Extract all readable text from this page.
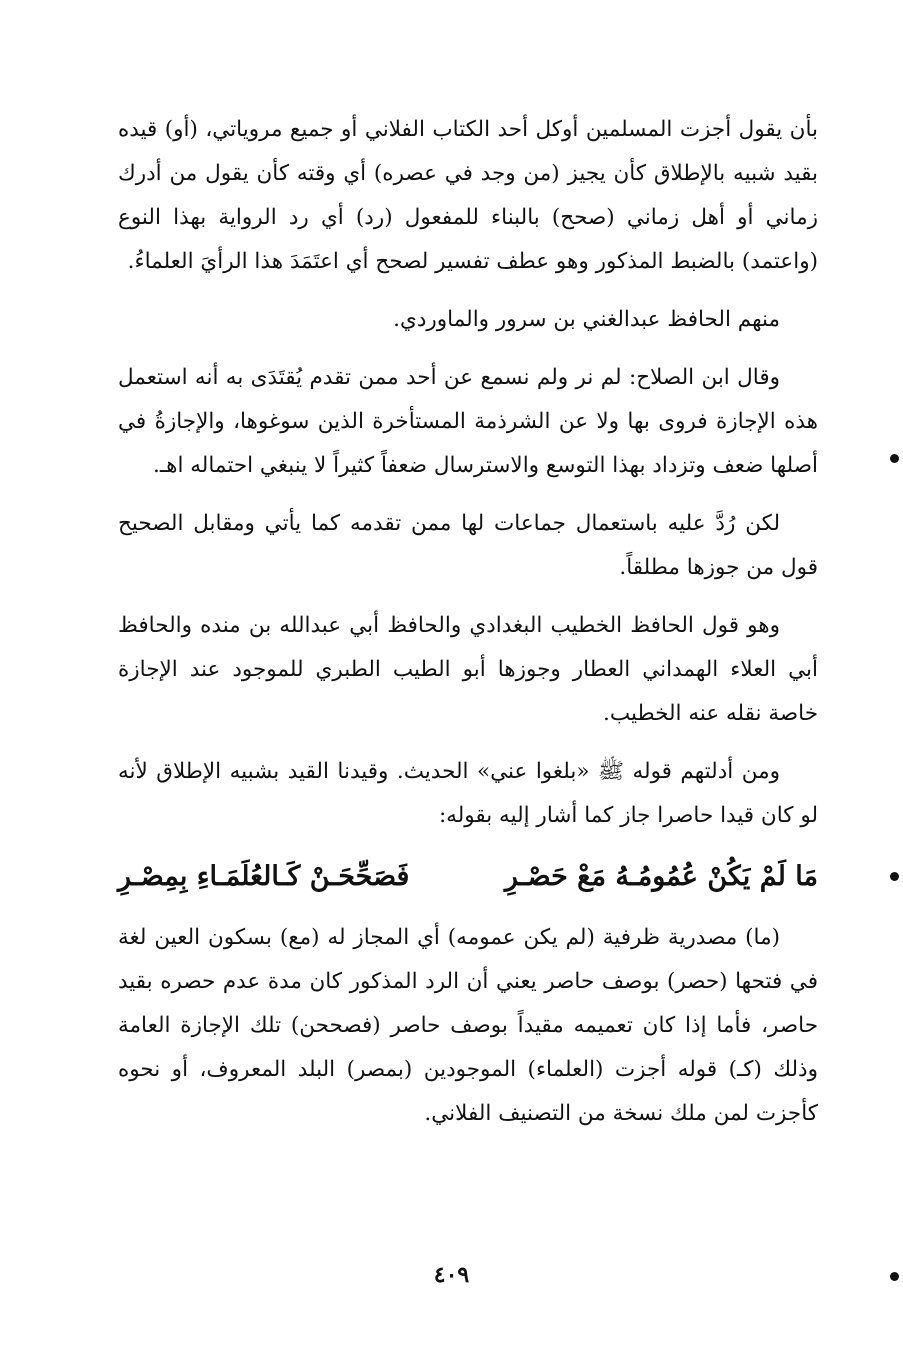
بأن يقول أجزت المسلمين أوكل أحد الكتاب الفلاني أو جميع مروياتي، (أو) قيده بقيد شبيه بالإطلاق كأن يجيز (من وجد في عصره) أي وقته كأن يقول من أدرك زماني أو أهل زماني (صحح) بالبناء للمفعول (رد) أي رد الرواية بهذا النوع (واعتمد) بالضبط المذكور وهو عطف تفسير لصحح أي اعتَمَدَ هذا الرأيَ العلماءُ.

منهم الحافظ عبدالغني بن سرور والماوردي.

وقال ابن الصلاح: لم نر ولم نسمع عن أحد ممن تقدم يُقتَدَى به أنه استعمل هذه الإجازة فروى بها ولا عن الشرذمة المستأخرة الذين سوغوها، والإجازةُ في أصلها ضعف وتزداد بهذا التوسع والاسترسال ضعفاً كثيراً لا ينبغي احتماله اهـ.

لكن رُدَّ عليه باستعمال جماعات لها ممن تقدمه كما يأتي ومقابل الصحيح قول من جوزها مطلقاً.

وهو قول الحافظ الخطيب البغدادي والحافظ أبي عبدالله بن منده والحافظ أبي العلاء الهمداني العطار وجوزها أبو الطيب الطبري للموجود عند الإجازة خاصة نقله عنه الخطيب.

ومن أدلتهم قوله ﷺ «بلغوا عني» الحديث. وقيدنا القيد بشبيه الإطلاق لأنه لو كان قيدا حاصرا جاز كما أشار إليه بقوله:

مَا لَمْ يَكُنْ عُمُومُـهُ مَعْ حَصْـرِ
فَصَحِّحَـنْ كَـالعُلَمَـاءِ بِمِصْـرِ

(ما) مصدرية ظرفية (لم يكن عمومه) أي المجاز له (مع) بسكون العين لغة في فتحها (حصر) بوصف حاصر يعني أن الرد المذكور كان مدة عدم حصره بقيد حاصر، فأما إذا كان تعميمه مقيداً بوصف حاصر (فصححن) تلك الإجازة العامة وذلك (كـ) قوله أجزت (العلماء) الموجودين (بمصر) البلد المعروف، أو نحوه كأجزت لمن ملك نسخة من التصنيف الفلاني.

٤٠٩
